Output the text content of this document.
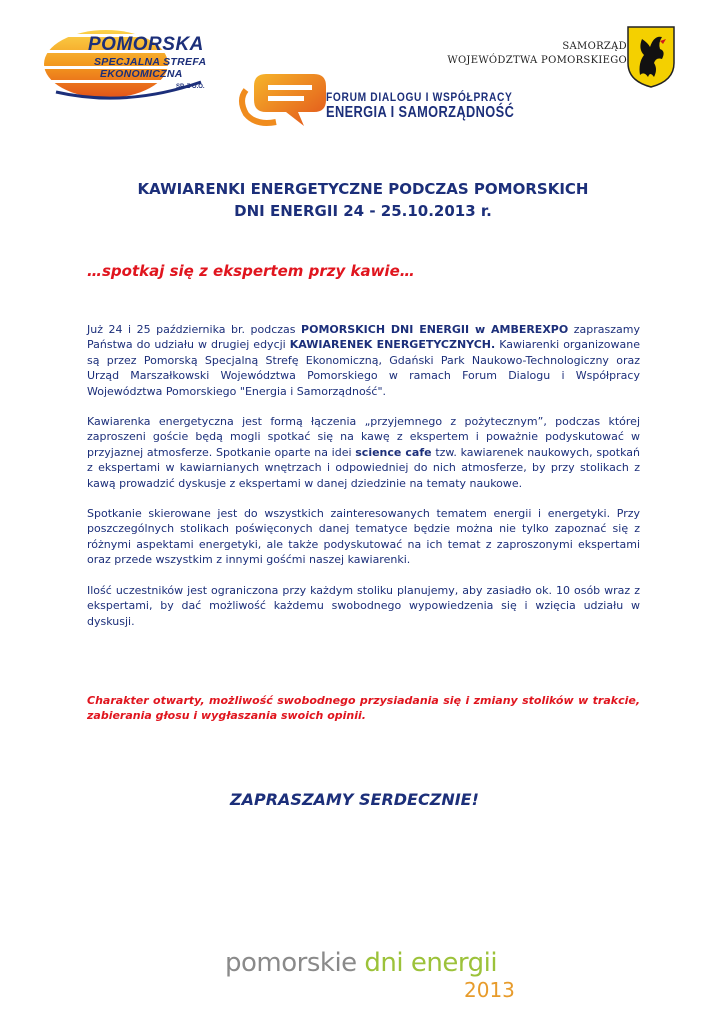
POMORSKA
SPECJALNA STREFA
EKONOMICZNA
SP. Z O.O.
SAMORZĄD
WOJEWÓDZTWA POMORSKIEGO
FORUM DIALOGU I WSPÓŁPRACY
ENERGIA I SAMORZĄDNOŚĆ
KAWIARENKI ENERGETYCZNE PODCZAS POMORSKICH
DNI ENERGII 24 - 25.10.2013 r.

…spotkaj się z ekspertem przy kawie…

Już 24 i 25 października br. podczas POMORSKICH DNI ENERGII w AMBEREXPO zapraszamy Państwa do udziału w drugiej edycji KAWIARENEK ENERGETYCZNYCH. Kawiarenki organizowane są przez Pomorską Specjalną Strefę Ekonomiczną, Gdański Park Naukowo-Technologiczny oraz Urząd Marszałkowski Województwa Pomorskiego w ramach Forum Dialogu i Współpracy Województwa Pomorskiego "Energia i Samorządność".

Kawiarenka energetyczna jest formą łączenia „przyjemnego z pożytecznym”, podczas której zaproszeni goście będą mogli spotkać się na kawę z ekspertem i poważnie podyskutować w przyjaznej atmosferze. Spotkanie oparte na idei science cafe tzw. kawiarenek naukowych, spotkań z ekspertami w kawiarnianych wnętrzach i odpowiedniej do nich atmosferze, by przy stolikach z kawą prowadzić dyskusje z ekspertami w danej dziedzinie na tematy naukowe.

Spotkanie skierowane jest do wszystkich zainteresowanych tematem energii i energetyki. Przy poszczególnych stolikach poświęconych danej tematyce będzie można nie tylko zapoznać się z różnymi aspektami energetyki, ale także podyskutować na ich temat z zaproszonymi ekspertami oraz przede wszystkim z innymi gośćmi naszej kawiarenki.

Ilość uczestników jest ograniczona przy każdym stoliku planujemy, aby zasiadło ok. 10 osób wraz z ekspertami, by dać możliwość każdemu swobodnego wypowiedzenia się i wzięcia udziału w dyskusji.

Charakter otwarty, możliwość swobodnego przysiadania się i zmiany stolików w trakcie, zabierania głosu i wygłaszania swoich opinii.

ZAPRASZAMY SERDECZNIE!

pomorskie dni energii
2013
